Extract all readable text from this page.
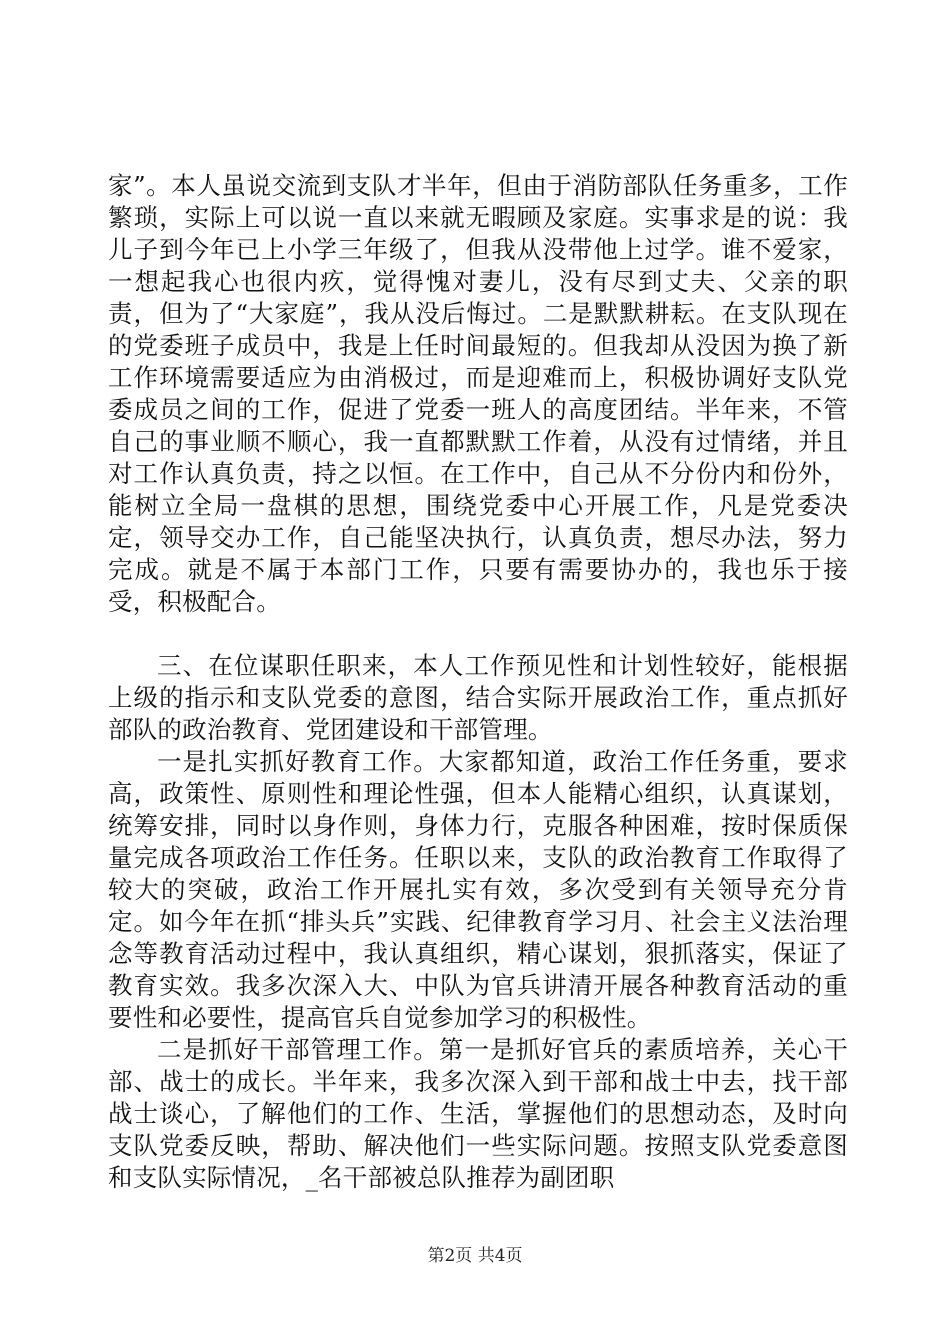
家”。本人虽说交流到支队才半年，但由于消防部队任务重多，工作繁琐，实际上可以说一直以来就无暇顾及家庭。实事求是的说：我儿子到今年已上小学三年级了，但我从没带他上过学。谁不爱家，一想起我心也很内疚，觉得愧对妻儿，没有尽到丈夫、父亲的职责，但为了“大家庭”，我从没后悔过。二是默默耕耘。在支队现在的党委班子成员中，我是上任时间最短的。但我却从没因为换了新工作环境需要适应为由消极过，而是迎难而上，积极协调好支队党委成员之间的工作，促进了党委一班人的高度团结。半年来，不管自己的事业顺不顺心，我一直都默默工作着，从没有过情绪，并且对工作认真负责，持之以恒。在工作中，自己从不分份内和份外，能树立全局一盘棋的思想，围绕党委中心开展工作，凡是党委决定，领导交办工作，自己能坚决执行，认真负责，想尽办法，努力完成。就是不属于本部门工作，只要有需要协办的，我也乐于接受，积极配合。

三、在位谋职任职来，本人工作预见性和计划性较好，能根据上级的指示和支队党委的意图，结合实际开展政治工作，重点抓好部队的政治教育、党团建设和干部管理。

一是扎实抓好教育工作。大家都知道，政治工作任务重，要求高，政策性、原则性和理论性强，但本人能精心组织，认真谋划，统筹安排，同时以身作则，身体力行，克服各种困难，按时保质保量完成各项政治工作任务。任职以来，支队的政治教育工作取得了较大的突破，政治工作开展扎实有效，多次受到有关领导充分肯定。如今年在抓“排头兵”实践、纪律教育学习月、社会主义法治理念等教育活动过程中，我认真组织，精心谋划，狠抓落实，保证了教育实效。我多次深入大、中队为官兵讲清开展各种教育活动的重要性和必要性，提高官兵自觉参加学习的积极性。

二是抓好干部管理工作。第一是抓好官兵的素质培养，关心干部、战士的成长。半年来，我多次深入到干部和战士中去，找干部战士谈心，了解他们的工作、生活，掌握他们的思想动态，及时向支队党委反映，帮助、解决他们一些实际问题。按照支队党委意图和支队实际情况，_名干部被总队推荐为副团职

第2页 共4页
